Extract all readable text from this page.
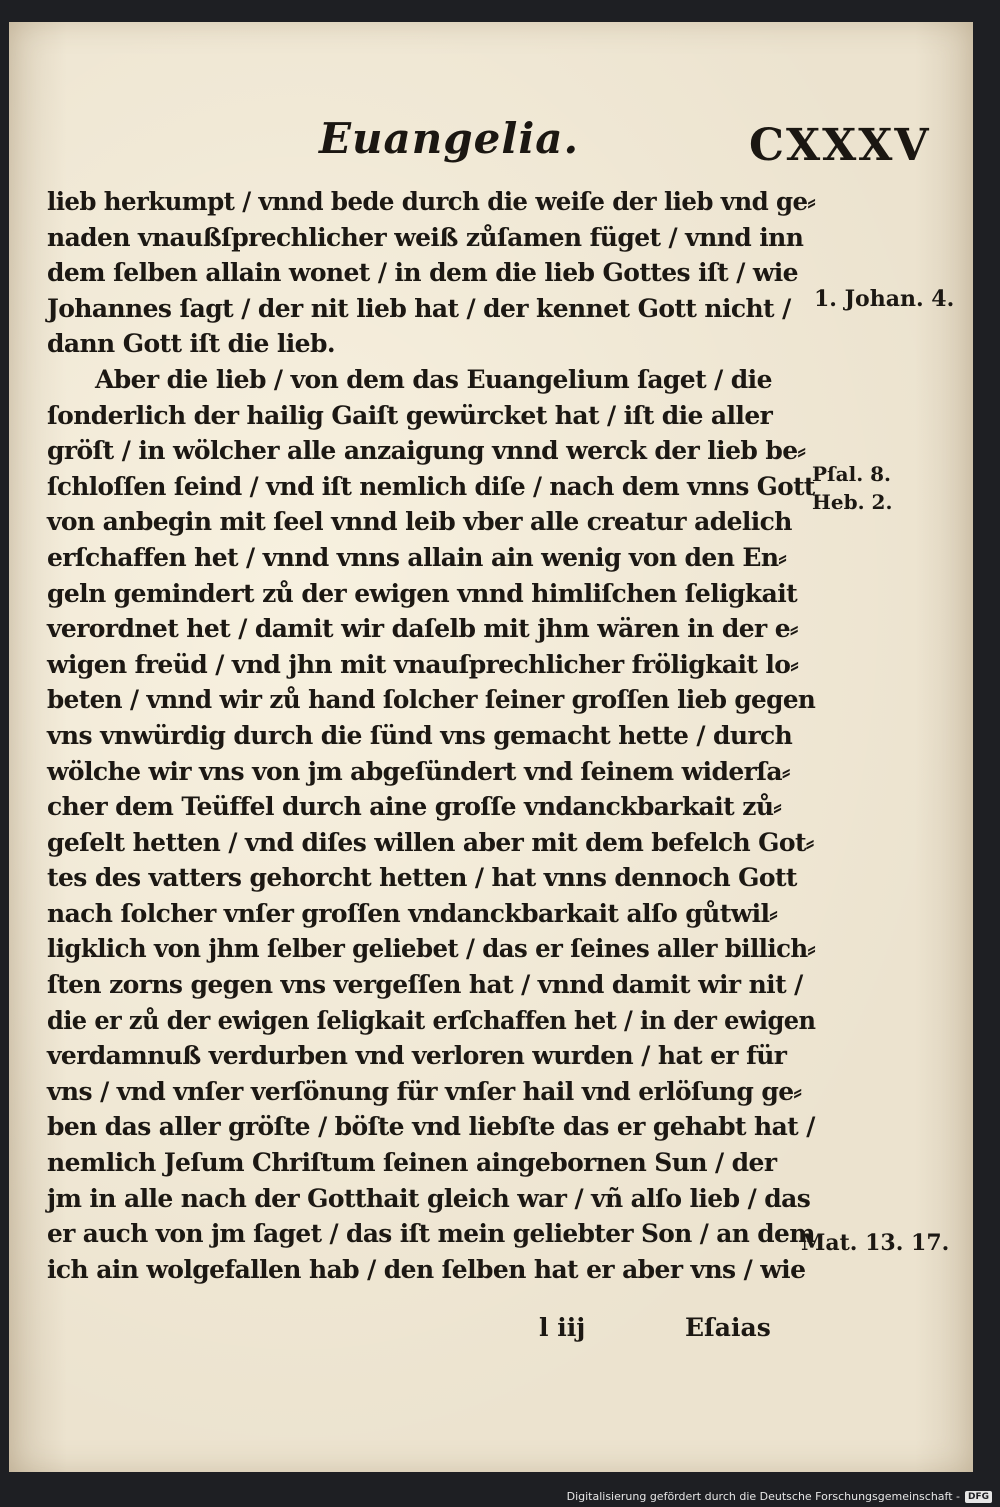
Euangelia.	CXXXV
lieb herkumpt / vnnd bede durch die weiſe der lieb vnd ge⸗
naden vnaußſprechlicher weiß zůſamen füget / vnnd inn
dem ſelben allain wonet / in dem die lieb Gottes iſt / wie
Johannes ſagt / der nit lieb hat / der kennet Gott nicht /
dann Gott iſt die lieb.
Aber die lieb / von dem das Euangelium ſaget / die
ſonderlich der hailig Gaiſt gewürcket hat / iſt die aller
gröſt / in wölcher alle anzaigung vnnd werck der lieb be⸗
ſchloſſen ſeind / vnd iſt nemlich diſe / nach dem vnns Gott
von anbegin mit ſeel vnnd leib vber alle creatur adelich
erſchaffen het / vnnd vnns allain ain wenig von den En⸗
geln gemindert zů der ewigen vnnd himliſchen ſeligkait
verordnet het / damit wir daſelb mit jhm wären in der e⸗
wigen freüd / vnd jhn mit vnauſprechlicher fröligkait lo⸗
beten / vnnd wir zů hand ſolcher ſeiner groſſen lieb gegen
vns vnwürdig durch die ſünd vns gemacht hette / durch
wölche wir vns von jm abgeſündert vnd ſeinem widerſa⸗
cher dem Teüffel durch aine groſſe vndanckbarkait zů⸗
geſelt hetten / vnd diſes willen aber mit dem befelch Got⸗
tes des vatters gehorcht hetten / hat vnns dennoch Gott
nach ſolcher vnſer groſſen vndanckbarkait alſo gůtwil⸗
ligklich von jhm ſelber geliebet / das er ſeines aller billich⸗
ſten zorns gegen vns vergeſſen hat / vnnd damit wir nit /
die er zů der ewigen ſeligkait erſchaffen het / in der ewigen
verdamnuß verdurben vnd verloren wurden / hat er für
vns / vnd vnſer verſönung für vnſer hail vnd erlöſung ge⸗
ben das aller gröſte / böſte vnd liebſte das er gehabt hat /
nemlich Jeſum Chriſtum ſeinen aingebornen Sun / der
jm in alle nach der Gotthait gleich war / vñ alſo lieb / das
er auch von jm ſaget / das iſt mein geliebter Son / an dem
ich ain wolgefallen hab / den ſelben hat er aber vns / wie
1. Johan. 4.
Pſal. 8.
Heb. 2.
Mat. 13. 17.
l iij	Eſaias
Digitalisierung gefördert durch die Deutsche Forschungsgemeinschaft - DFG
